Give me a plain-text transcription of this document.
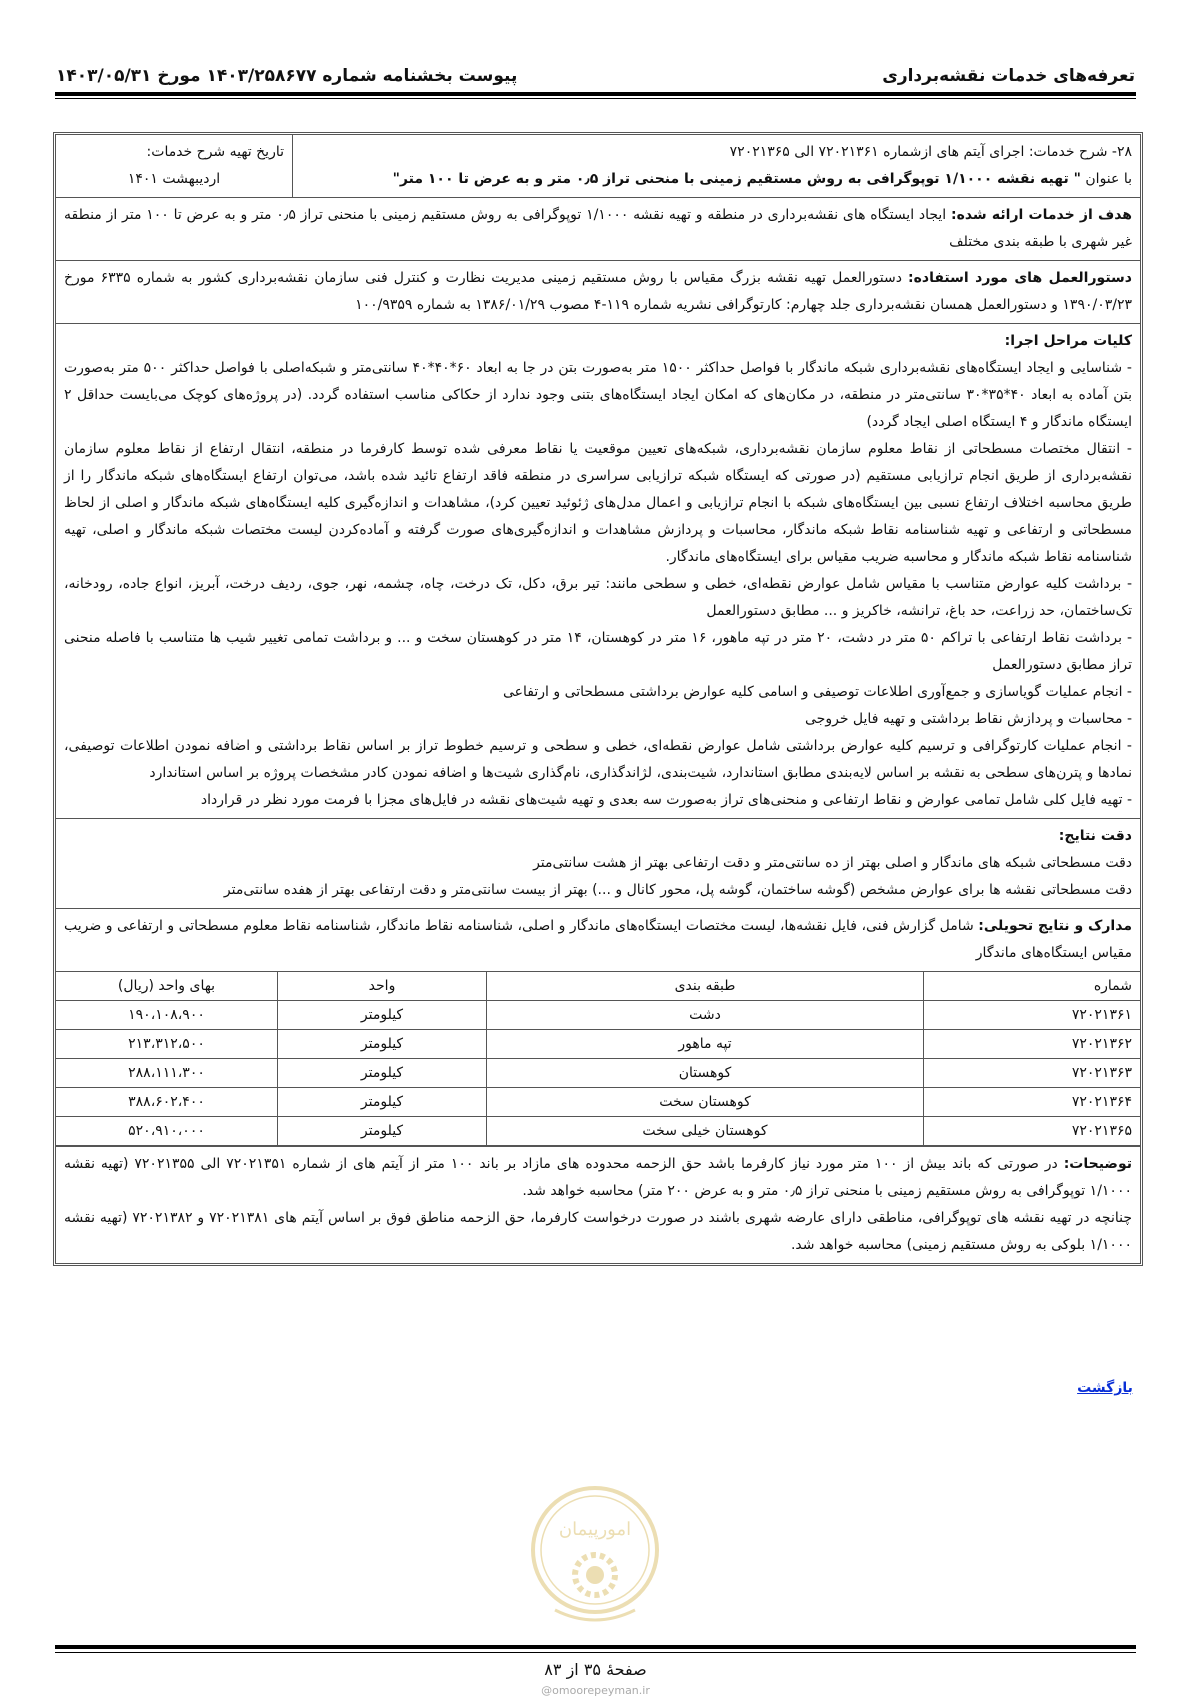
تعرفه‌های خدمات نقشه‌برداری
پیوست بخشنامه شماره ۱۴۰۳/۲۵۸۶۷۷ مورخ ۱۴۰۳/۰۵/۳۱
۲۸- شرح خدمات: اجرای آیتم های ازشماره ۷۲۰۲۱۳۶۱ الی ۷۲۰۲۱۳۶۵
با عنوان " تهیه نقشه ۱/۱۰۰۰ توپوگرافی به روش مستقیم زمینی با منحنی تراز ۰٫۵ متر و به عرض تا ۱۰۰ متر"
تاریخ تهیه شرح خدمات:
اردیبهشت ۱۴۰۱
هدف از خدمات ارائه شده: ایجاد ایستگاه های نقشه‌برداری در منطقه و تهیه نقشه ۱/۱۰۰۰ توپوگرافی به روش مستقیم زمینی با منحنی تراز ۰٫۵ متر و به عرض تا ۱۰۰ متر از منطقه غیر شهری با طبقه بندی مختلف
دستورالعمل های مورد استفاده: دستورالعمل تهیه نقشه بزرگ مقیاس با روش مستقیم زمینی مدیریت نظارت و کنترل فنی سازمان نقشه‌برداری کشور به شماره ۶۳۳۵ مورخ ۱۳۹۰/۰۳/۲۳ و دستورالعمل همسان نقشه‌برداری جلد چهارم: کارتوگرافی نشریه شماره ۱۱۹-۴ مصوب ۱۳۸۶/۰۱/۲۹ به شماره ۱۰۰/۹۳۵۹
کلیات مراحل اجرا:

- شناسایی و ایجاد ایستگاه‌های نقشه‌برداری شبکه ماندگار با فواصل حداکثر ۱۵۰۰ متر به‌صورت بتن در جا به ابعاد ۶۰*۴۰*۴۰ سانتی‌متر و شبکه‌اصلی با فواصل حداکثر ۵۰۰ متر به‌صورت بتن آماده به ابعاد ۴۰*۳۵*۳۰ سانتی‌متر در منطقه، در مکان‌های که امکان ایجاد ایستگاه‌های بتنی وجود ندارد از حکاکی مناسب استفاده گردد. (در پروژه‌های کوچک می‌بایست حداقل ۲ ایستگاه ماندگار و ۴ ایستگاه اصلی ایجاد گردد)

- انتقال مختصات مسطحاتی از نقاط معلوم سازمان نقشه‌برداری، شبکه‌های تعیین موقعیت یا نقاط معرفی شده توسط کارفرما در منطقه، انتقال ارتفاع از نقاط معلوم سازمان نقشه‌برداری از طریق انجام ترازیابی مستقیم (در صورتی که ایستگاه شبکه ترازیابی سراسری در منطقه فاقد ارتفاع تائید شده باشد، می‌توان ارتفاع ایستگاه‌های شبکه ماندگار را از طریق محاسبه اختلاف ارتفاع نسبی بین ایستگاه‌های شبکه با انجام ترازیابی و اعمال مدل‌های ژئوئید تعیین کرد)، مشاهدات و اندازه‌گیری کلیه ایستگاه‌های شبکه ماندگار و اصلی از لحاظ مسطحاتی و ارتفاعی و تهیه شناسنامه نقاط شبکه ماندگار، محاسبات و پردازش مشاهدات و اندازه‌گیری‌های صورت گرفته و آماده‌کردن لیست مختصات شبکه ماندگار و اصلی، تهیه شناسنامه نقاط شبکه ماندگار و محاسبه ضریب مقیاس برای ایستگاه‌های ماندگار.

- برداشت کلیه عوارض متناسب با مقیاس شامل عوارض نقطه‌ای، خطی و سطحی مانند: تیر برق، دکل، تک درخت، چاه، چشمه، نهر، جوی، ردیف درخت، آبریز، انواع جاده، رودخانه، تک‌ساختمان، حد زراعت، حد باغ، ترانشه، خاکریز و ... مطابق دستورالعمل

- برداشت نقاط ارتفاعی با تراکم ۵۰ متر در دشت، ۲۰ متر در تپه ماهور، ۱۶ متر در کوهستان، ۱۴ متر در کوهستان سخت و ... و برداشت تمامی تغییر شیب ها متناسب با فاصله منحنی تراز مطابق دستورالعمل

- انجام عملیات گویاسازی و جمع‌آوری اطلاعات توصیفی و اسامی کلیه عوارض برداشتی مسطحاتی و ارتفاعی

- محاسبات و پردازش نقاط برداشتی و تهیه فایل خروجی

- انجام عملیات کارتوگرافی و ترسیم کلیه عوارض برداشتی شامل عوارض نقطه‌ای، خطی و سطحی و ترسیم خطوط تراز بر اساس نقاط برداشتی و اضافه نمودن اطلاعات توصیفی، نمادها و پترن‌های سطحی به نقشه بر اساس لایه‌بندی مطابق استاندارد، شیت‌بندی، لژاندگذاری، نام‌گذاری شیت‌ها و اضافه نمودن کادر مشخصات پروژه بر اساس استاندارد

- تهیه فایل کلی شامل تمامی عوارض و نقاط ارتفاعی و منحنی‌های تراز به‌صورت سه بعدی و تهیه شیت‌های نقشه در فایل‌های مجزا با فرمت مورد نظر در قرارداد

دقت نتایج:

دقت مسطحاتی شبکه های ماندگار و اصلی بهتر از ده سانتی‌متر و دقت ارتفاعی بهتر از هشت سانتی‌متر

دقت مسطحاتی نقشه ها برای عوارض مشخص (گوشه ساختمان، گوشه پل، محور کانال و ...) بهتر از بیست سانتی‌متر و دقت ارتفاعی بهتر از هفده سانتی‌متر

مدارک و نتایج تحویلی: شامل گزارش فنی، فایل نقشه‌ها، لیست مختصات ایستگاه‌های ماندگار و اصلی، شناسنامه نقاط ماندگار، شناسنامه نقاط معلوم مسطحاتی و ارتفاعی و ضریب مقیاس ایستگاه‌های ماندگار
شماره	طبقه بندی	واحد	بهای واحد (ریال)
۷۲۰۲۱۳۶۱	دشت	کیلومتر	۱۹۰،۱۰۸،۹۰۰
۷۲۰۲۱۳۶۲	تپه ماهور	کیلومتر	۲۱۳،۳۱۲،۵۰۰
۷۲۰۲۱۳۶۳	کوهستان	کیلومتر	۲۸۸،۱۱۱،۳۰۰
۷۲۰۲۱۳۶۴	کوهستان سخت	کیلومتر	۳۸۸،۶۰۲،۴۰۰
۷۲۰۲۱۳۶۵	کوهستان خیلی سخت	کیلومتر	۵۲۰،۹۱۰،۰۰۰
توضیحات: در صورتی که باند بیش از ۱۰۰ متر مورد نیاز کارفرما باشد حق الزحمه محدوده های مازاد بر باند ۱۰۰ متر از آیتم های از شماره ۷۲۰۲۱۳۵۱ الی ۷۲۰۲۱۳۵۵ (تهیه نقشه ۱/۱۰۰۰ توپوگرافی به روش مستقیم زمینی با منحنی تراز ۰٫۵ متر و به عرض ۲۰۰ متر) محاسبه خواهد شد.

چنانچه در تهیه نقشه های توپوگرافی، مناطقی دارای عارضه شهری باشند در صورت درخواست کارفرما، حق الزحمه مناطق فوق بر اساس آیتم های ۷۲۰۲۱۳۸۱ و ۷۲۰۲۱۳۸۲ (تهیه نقشه ۱/۱۰۰۰ بلوکی به روش مستقیم زمینی) محاسبه خواهد شد.

بازگشت
امورپیمان
صفحهٔ ۳۵ از ۸۳
@omoorepeyman.ir
